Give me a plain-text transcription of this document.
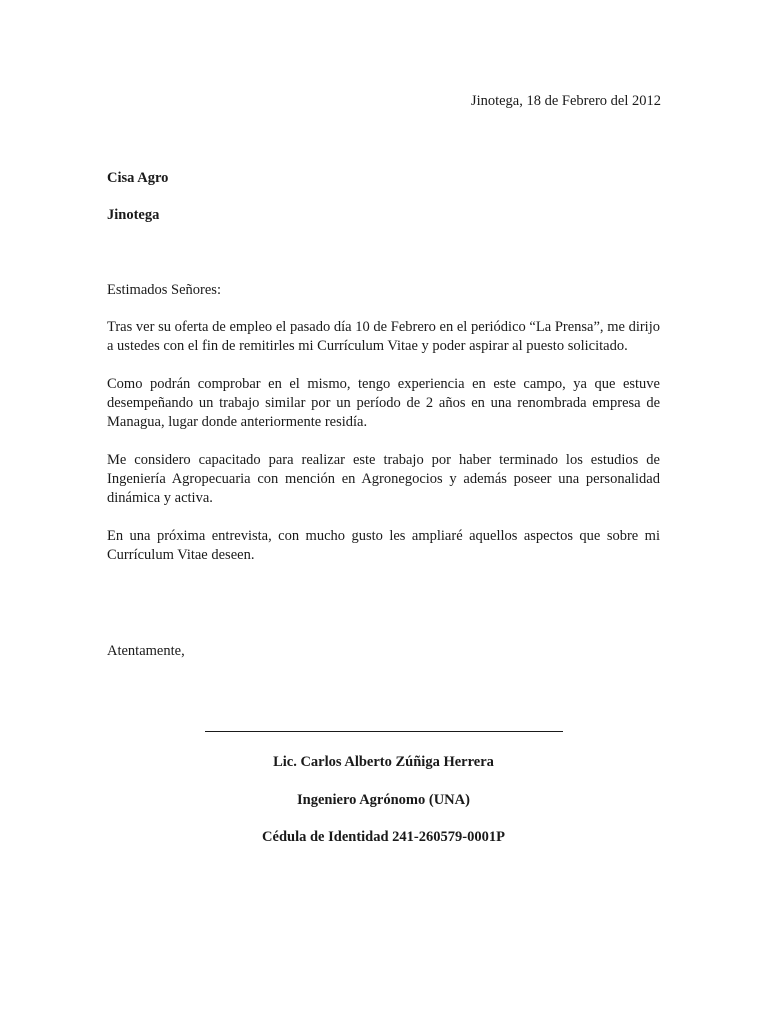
Jinotega, 18 de Febrero del 2012
Cisa Agro
Jinotega
Estimados Señores:

Tras ver su oferta de empleo el pasado día 10 de Febrero en el periódico “La Prensa”, me dirijo a ustedes con el fin de remitirles mi Currículum Vitae y poder aspirar al puesto solicitado.

Como podrán comprobar en el mismo, tengo experiencia en este campo, ya que estuve desempeñando un trabajo similar por un período de 2 años en una renombrada empresa de Managua, lugar donde anteriormente residía.

Me considero capacitado para realizar este trabajo por haber terminado los estudios de Ingeniería Agropecuaria con mención en Agronegocios y además poseer una personalidad dinámica y activa.

En una próxima entrevista, con mucho gusto les ampliaré aquellos aspectos que sobre mi Currículum Vitae deseen.

Atentamente,
Lic. Carlos Alberto Zúñiga Herrera
Ingeniero Agrónomo (UNA)
Cédula de Identidad 241-260579-0001P
